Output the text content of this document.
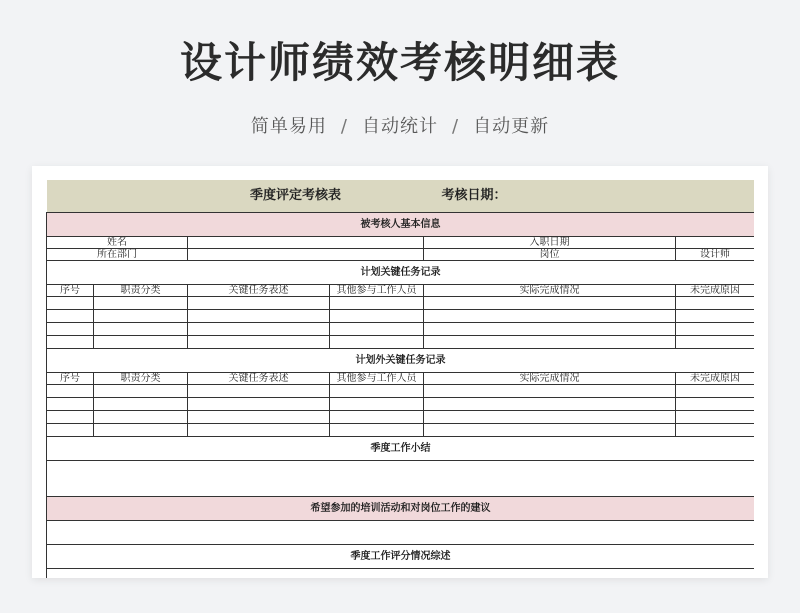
设计师绩效考核明细表
简单易用 / 自动统计 / 自动更新
季度评定考核表 考核日期：					
被考核人基本信息					
姓名				入职日期	
所在部门				岗位	设计师
计划关键任务记录					
序号	职责分类	关键任务表述	其他参与工作人员	实际完成情况	未完成原因

计划外关键任务记录					
序号	职责分类	关键任务表述	其他参与工作人员	实际完成情况	未完成原因

季度工作小结					

希望参加的培训活动和对岗位工作的建议					

季度工作评分情况综述					
